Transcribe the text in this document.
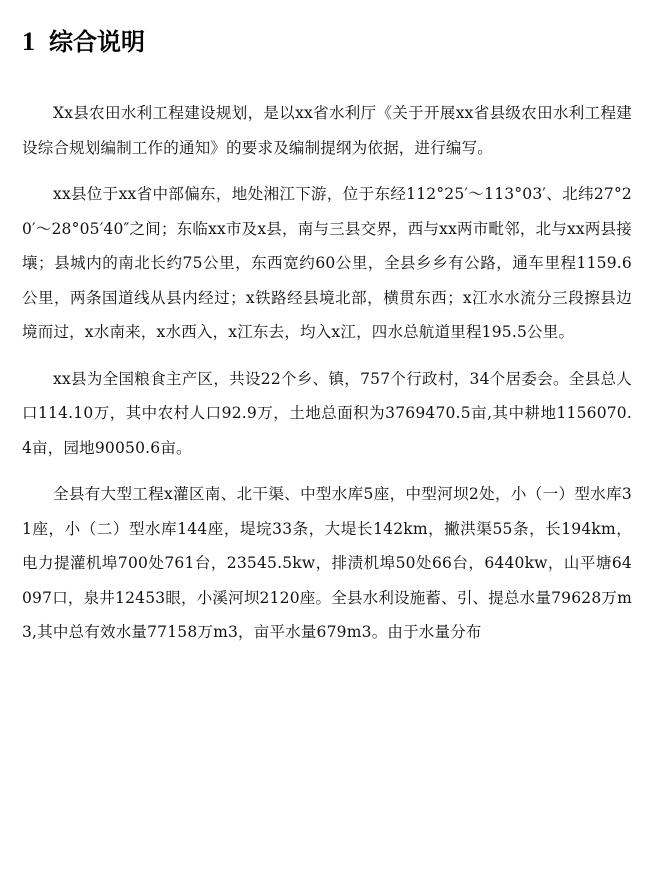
1 综合说明

Xx县农田水利工程建设规划，是以xx省水利厅《关于开展xx省县级农田水利工程建设综合规划编制工作的通知》的要求及编制提纲为依据，进行编写。

xx县位于xx省中部偏东，地处湘江下游，位于东经112°25′～113°03′、北纬27°20′～28°05′40″之间；东临xx市及x县，南与三县交界，西与xx两市毗邻，北与xx两县接壤；县城内的南北长约75公里，东西宽约60公里，全县乡乡有公路，通车里程1159.6公里，两条国道线从县内经过；x铁路经县境北部，横贯东西；x江水水流分三段擦县边境而过，x水南来，x水西入，x江东去，均入x江，四水总航道里程195.5公里。

xx县为全国粮食主产区，共设22个乡、镇，757个行政村，34个居委会。全县总人口114.10万，其中农村人口92.9万，土地总面积为3769470.5亩,其中耕地1156070.4亩，园地90050.6亩。

全县有大型工程x灌区南、北干渠、中型水库5座，中型河坝2处，小（一）型水库31座，小（二）型水库144座，堤垸33条，大堤长142km，撇洪渠55条，长194km，电力提灌机埠700处761台，23545.5kw，排渍机埠50处66台，6440kw，山平塘64097口，泉井12453眼，小溪河坝2120座。全县水利设施蓄、引、提总水量79628万m3,其中总有效水量77158万m3，亩平水量679m3。由于水量分布
